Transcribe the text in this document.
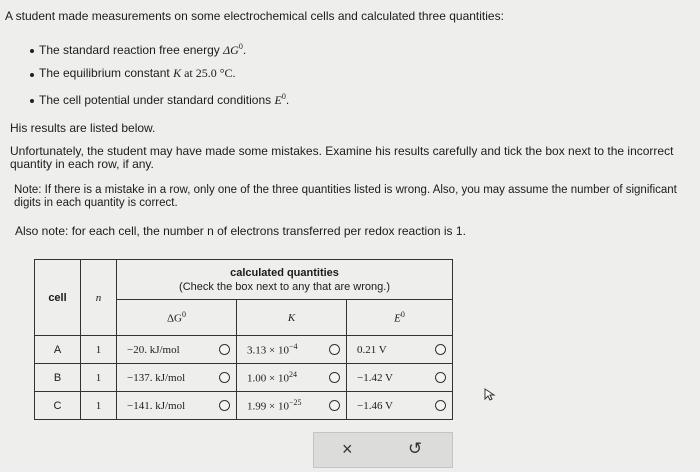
A student made measurements on some electrochemical cells and calculated three quantities:
The standard reaction free energy $\Delta G^0$.
The equilibrium constant K at 25.0 °C.
The cell potential under standard conditions $E^0$.
His results are listed below.
Unfortunately, the student may have made some mistakes. Examine his results carefully and tick the box next to the incorrect quantity in each row, if any.
Note: If there is a mistake in a row, only one of the three quantities listed is wrong. Also, you may assume the number of significant digits in each quantity is correct.
Also note: for each cell, the number n of electrons transferred per redox reaction is 1.
cell	n	calculated quantities
(Check the box next to any that are wrong.)		

		$\Delta G^0$	K	$E^0$
A	1	−20. kJ/mol	$3.13 \times 10^{-4}$	0.21 V

B	1	−137. kJ/mol	$1.00 \times 10^{24}$	−1.42 V

C	1	−141. kJ/mol	$1.99 \times 10^{-25}$	−1.46 V
×	↺
